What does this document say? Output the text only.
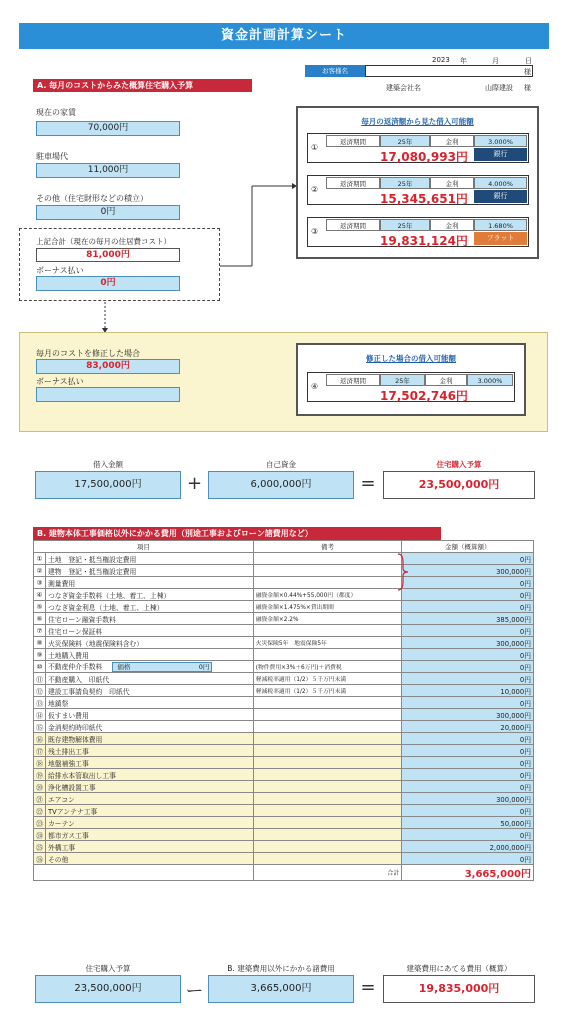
資金計画計算シート
2023 年	月	日
お客様名	様
建築会社名	山際建設 様
A. 毎月のコストからみた概算住宅購入予算
現在の家賃
70,000円
駐車場代
11,000円
その他（住宅財形などの積立）
0円
上記合計（現在の毎月の住居費コスト）
81,000円
ボーナス払い
0円
毎月の返済額から見た借入可能額
①
返済期間	25年	金利	3.000%
17,080,993円	銀行
②
返済期間	25年	金利	4.000%
15,345,651円	銀行
③
返済期間	25年	金利	1.680%
19,831,124円	フラット
毎月のコストを修正した場合
83,000円
ボーナス払い
修正した場合の借入可能額
④
返済期間	25年	金利	3.000%
17,502,746円
借入金額
17,500,000円	+
自己資金
6,000,000円	=
住宅購入予算
23,500,000円
B. 建物本体工事価格以外にかかる費用（別途工事およびローン諸費用など）
項目		備考	金額（概算額）
①	土地　登記・抵当権設定費用		0円
②	建物　登記・抵当権設定費用		300,000円
③	測量費用		0円
④	つなぎ資金手数料（土地、着工、上棟）	融資金額×0.44%+55,000円（都度）	0円
⑤	つなぎ資金利息（土地、着工、上棟）	融資金額×1.475%×貸出期間	0円
⑥	住宅ローン融資手数料	融資金額×2.2%	385,000円
⑦	住宅ローン保証料		0円
⑧	火災保険料（地震保険料含む）	火災保険5年　地震保険5年	300,000円
⑨	土地購入費用		0円
⑩	不動産仲介手数料 価格 0円	(物件費用×3%＋6万円)＋消費税	0円
⑪	不動産購入　印紙代	軽減税率適用（1/2）５千万円未満	0円
⑫	建設工事請負契約　印紙代	軽減税率適用（1/2）５千万円未満	10,000円
⑬	地鎮祭		0円
⑭	仮すまい費用		300,000円
⑮	金消契約時印紙代		20,000円
⑯	既存建物解体費用		0円
⑰	残土排出工事		0円
⑱	地盤補強工事		0円
⑲	給排水本管取出し工事		0円
⑳	浄化槽設置工事		0円
㉑	エアコン		300,000円
㉒	TVアンテナ工事		0円
㉓	カーテン		50,000円
㉔	都市ガス工事		0円
㉕	外構工事		2,000,000円
㉖	その他		0円
		合計	3,665,000円
住宅購入予算
23,500,000円	ー
B. 建築費用以外にかかる諸費用
3,665,000円	=
建築費用にあてる費用（概算）
19,835,000円
